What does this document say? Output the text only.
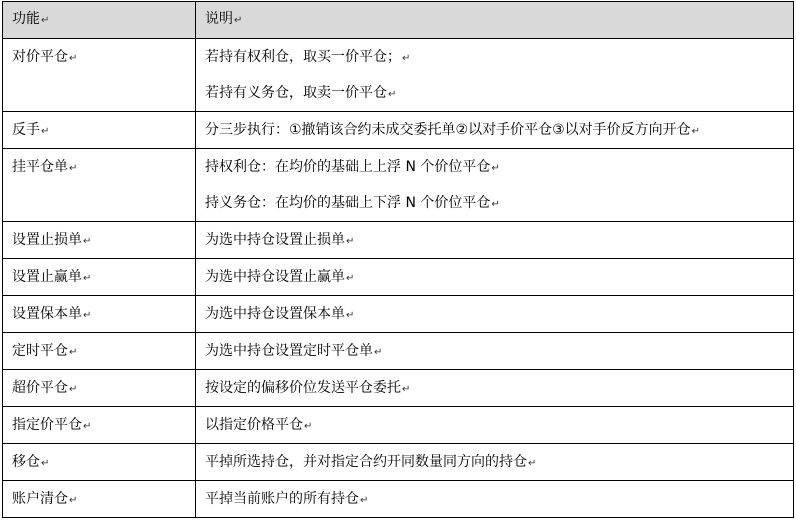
功能↵	说明↵

对价平仓↵	若持有权利仓，取买一价平仓；↵
若持有义务仓，取卖一价平仓↵

反手↵	分三步执行：①撤销该合约未成交委托单②以对手价平仓③以对手价反方向开仓↵

挂平仓单↵	持权利仓：在均价的基础上上浮 N 个价位平仓↵
持义务仓：在均价的基础上下浮 N 个价位平仓↵

设置止损单↵	为选中持仓设置止损单↵

设置止赢单↵	为选中持仓设置止赢单↵

设置保本单↵	为选中持仓设置保本单↵

定时平仓↵	为选中持仓设置定时平仓单↵

超价平仓↵	按设定的偏移价位发送平仓委托↵

指定价平仓↵	以指定价格平仓↵

移仓↵	平掉所选持仓，并对指定合约开同数量同方向的持仓↵

账户清仓↵	平掉当前账户的所有持仓↵
